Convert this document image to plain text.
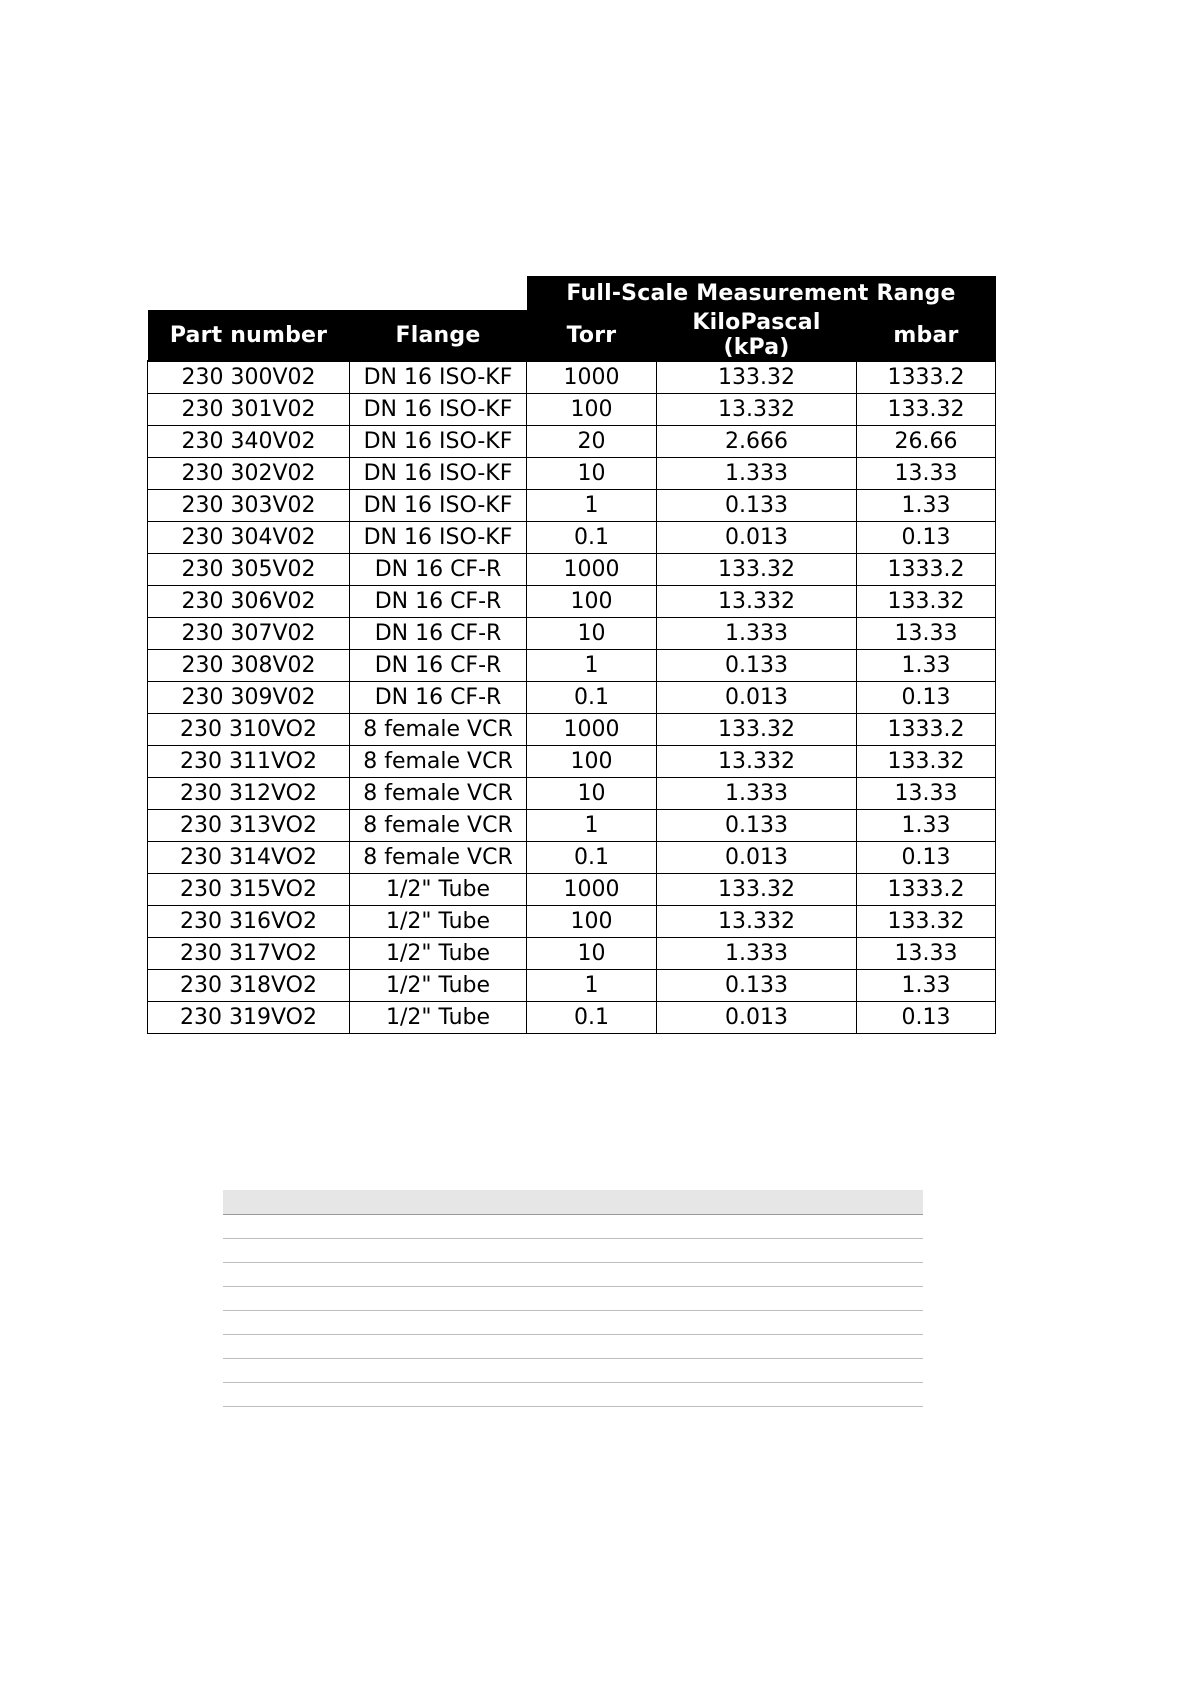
		Full-Scale Measurement Range		
Part number	Flange	Torr	KiloPascal (kPa)	mbar
230 300V02	DN 16 ISO-KF	1000	133.32	1333.2
230 301V02	DN 16 ISO-KF	100	13.332	133.32
230 340V02	DN 16 ISO-KF	20	2.666	26.66
230 302V02	DN 16 ISO-KF	10	1.333	13.33
230 303V02	DN 16 ISO-KF	1	0.133	1.33
230 304V02	DN 16 ISO-KF	0.1	0.013	0.13
230 305V02	DN 16 CF-R	1000	133.32	1333.2
230 306V02	DN 16 CF-R	100	13.332	133.32
230 307V02	DN 16 CF-R	10	1.333	13.33
230 308V02	DN 16 CF-R	1	0.133	1.33
230 309V02	DN 16 CF-R	0.1	0.013	0.13
230 310VO2	8 female VCR	1000	133.32	1333.2
230 311VO2	8 female VCR	100	13.332	133.32
230 312VO2	8 female VCR	10	1.333	13.33
230 313VO2	8 female VCR	1	0.133	1.33
230 314VO2	8 female VCR	0.1	0.013	0.13
230 315VO2	1/2" Tube	1000	133.32	1333.2
230 316VO2	1/2" Tube	100	13.332	133.32
230 317VO2	1/2" Tube	10	1.333	13.33
230 318VO2	1/2" Tube	1	0.133	1.33
230 319VO2	1/2" Tube	0.1	0.013	0.13
